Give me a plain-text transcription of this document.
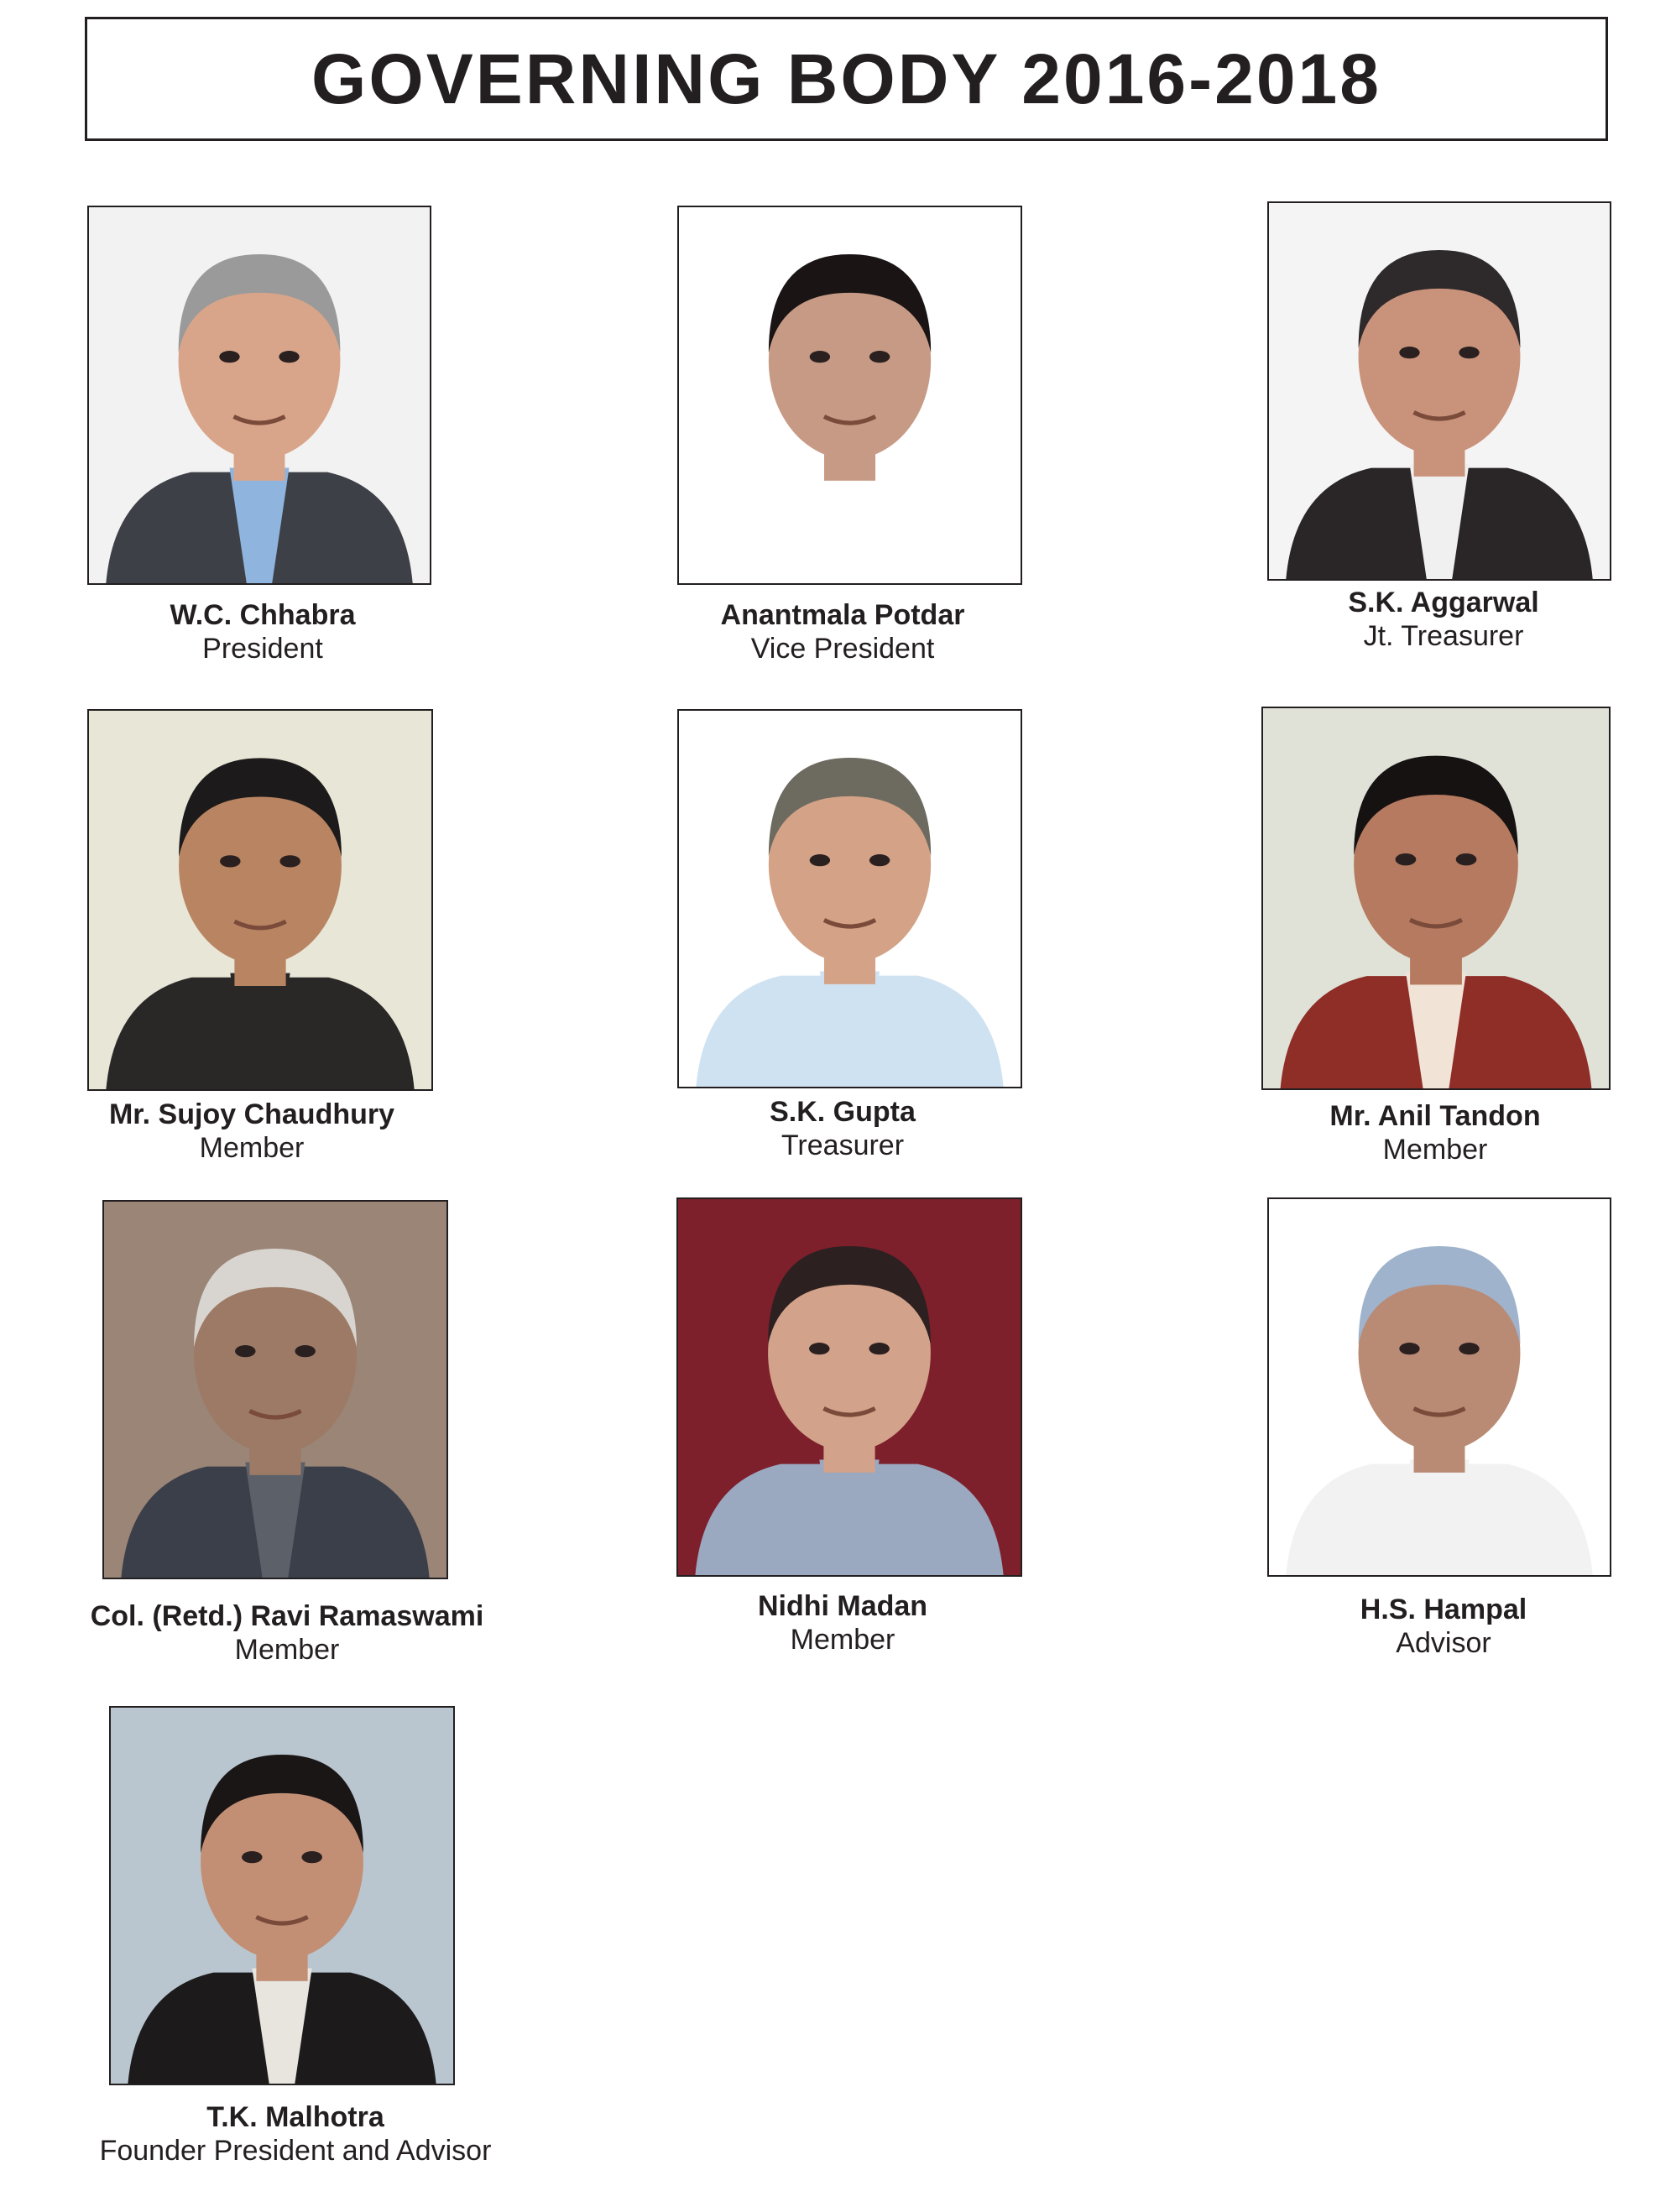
GOVERNING BODY 2016-2018
W.C. Chhabra
President
Anantmala Potdar
Vice President
S.K. Aggarwal
Jt. Treasurer
Mr. Sujoy Chaudhury
Member
S.K. Gupta
Treasurer
Mr. Anil Tandon
Member
Col. (Retd.) Ravi Ramaswami
Member
Nidhi Madan
Member
H.S. Hampal
Advisor
T.K. Malhotra
Founder President and Advisor
